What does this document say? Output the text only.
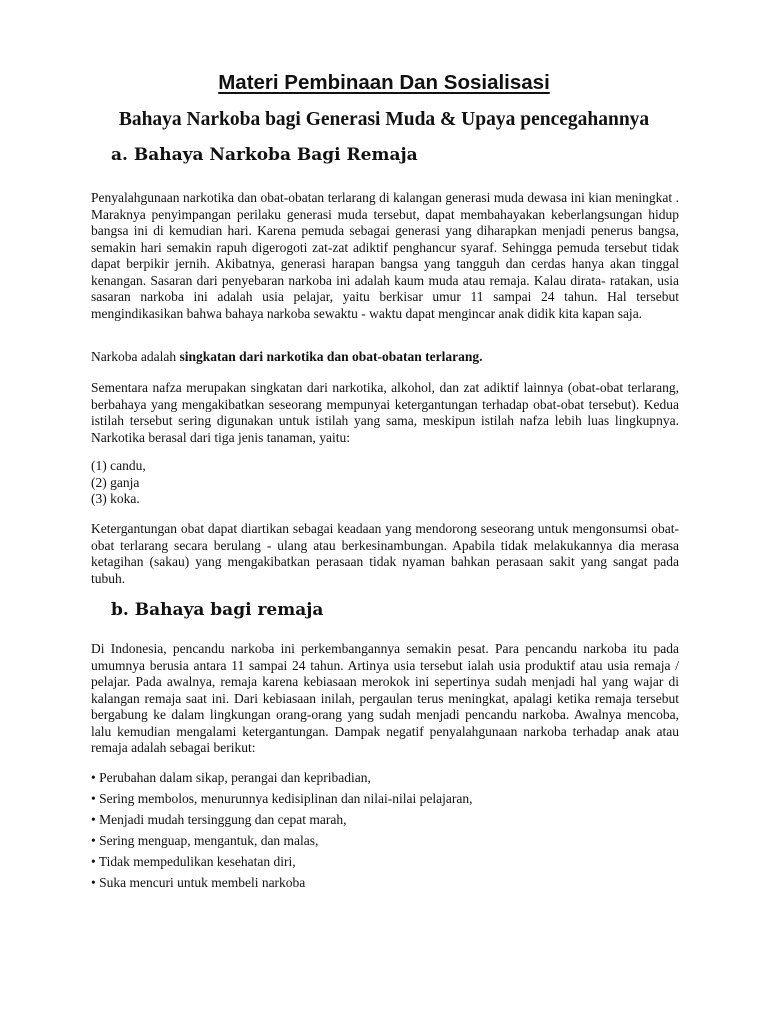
Materi Pembinaan Dan Sosialisasi
Bahaya Narkoba bagi Generasi Muda & Upaya pencegahannya
a. Bahaya Narkoba Bagi Remaja

Penyalahgunaan narkotika dan obat-obatan terlarang di kalangan generasi muda dewasa ini kian meningkat . Maraknya penyimpangan perilaku generasi muda tersebut, dapat membahayakan keberlangsungan hidup bangsa ini di kemudian hari. Karena pemuda sebagai generasi yang diharapkan menjadi penerus bangsa, semakin hari semakin rapuh digerogoti zat-zat adiktif penghancur syaraf. Sehingga pemuda tersebut tidak dapat berpikir jernih. Akibatnya, generasi harapan bangsa yang tangguh dan cerdas hanya akan tinggal kenangan. Sasaran dari penyebaran narkoba ini adalah kaum muda atau remaja. Kalau dirata- ratakan, usia sasaran narkoba ini adalah usia pelajar, yaitu berkisar umur 11 sampai 24 tahun. Hal tersebut mengindikasikan bahwa bahaya narkoba sewaktu - waktu dapat mengincar anak didik kita kapan saja.

Narkoba adalah singkatan dari narkotika dan obat-obatan terlarang.

Sementara nafza merupakan singkatan dari narkotika, alkohol, dan zat adiktif lainnya (obat-obat terlarang, berbahaya yang mengakibatkan seseorang mempunyai ketergantungan terhadap obat-obat tersebut). Kedua istilah tersebut sering digunakan untuk istilah yang sama, meskipun istilah nafza lebih luas lingkupnya. Narkotika berasal dari tiga jenis tanaman, yaitu:

(1) candu,
(2) ganja
(3) koka.

Ketergantungan obat dapat diartikan sebagai keadaan yang mendorong seseorang untuk mengonsumsi obat-obat terlarang secara berulang - ulang atau berkesinambungan. Apabila tidak melakukannya dia merasa ketagihan (sakau) yang mengakibatkan perasaan tidak nyaman bahkan perasaan sakit yang sangat pada tubuh.

b. Bahaya bagi remaja

Di Indonesia, pencandu narkoba ini perkembangannya semakin pesat. Para pencandu narkoba itu pada umumnya berusia antara 11 sampai 24 tahun. Artinya usia tersebut ialah usia produktif atau usia remaja / pelajar. Pada awalnya, remaja karena kebiasaan merokok ini sepertinya sudah menjadi hal yang wajar di kalangan remaja saat ini. Dari kebiasaan inilah, pergaulan terus meningkat, apalagi ketika remaja tersebut bergabung ke dalam lingkungan orang-orang yang sudah menjadi pencandu narkoba. Awalnya mencoba, lalu kemudian mengalami ketergantungan. Dampak negatif penyalahgunaan narkoba terhadap anak atau remaja adalah sebagai berikut:

• Perubahan dalam sikap, perangai dan kepribadian,
• Sering membolos, menurunnya kedisiplinan dan nilai-nilai pelajaran,
• Menjadi mudah tersinggung dan cepat marah,
• Sering menguap, mengantuk, dan malas,
• Tidak mempedulikan kesehatan diri,
• Suka mencuri untuk membeli narkoba
